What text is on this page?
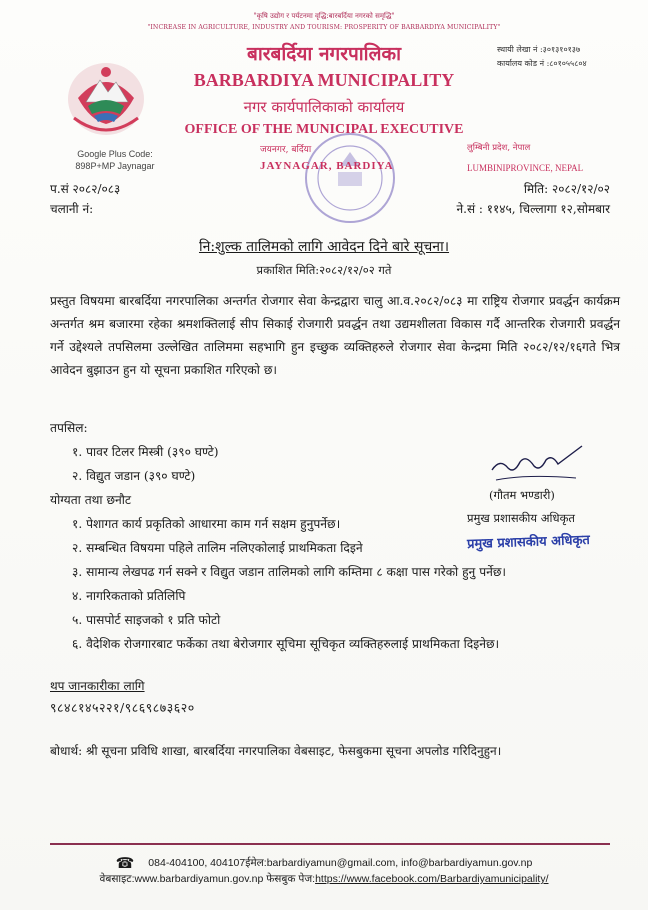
"कृषि उद्योग र पर्यटनमा वृद्धि:बारबर्दिया नगरको समृद्धि"
"INCREASE IN AGRICULTURE, INDUSTRY AND TOURISM: PROSPERITY OF BARBARDIYA MUNICIPALITY"
बारबर्दिया नगरपालिका
BARBARDIYA MUNICIPALITY
नगर कार्यपालिकाको कार्यालय
OFFICE OF THE MUNICIPAL EXECUTIVE
जयनगर, बर्दिया
JAYNAGAR, BARDIYA
स्थायी लेखा नं :३०१३१०१३७
कार्यालय कोड नं :८०१०५५८०४
Google Plus Code:
898P+MP Jaynagar
लुम्बिनी प्रदेश, नेपाल
LUMBINIPROVINCE, NEPAL
प.सं २०८२/०८३
चलानी नं:
मिति: २०८२/१२/०२
ने.सं : ११४५, चिल्लागा १२,सोमबार
नि:शुल्क तालिमको लागि आवेदन दिने बारे सूचना।
प्रकाशित मिति:२०८२/१२/०२ गते
प्रस्तुत विषयमा बारबर्दिया नगरपालिका अन्तर्गत रोजगार सेवा केन्द्रद्वारा चालु आ.व.२०८२/०८३ मा राष्ट्रिय रोजगार प्रवर्द्धन कार्यक्रम अन्तर्गत श्रम बजारमा रहेका श्रमशक्तिलाई सीप सिकाई रोजगारी प्रवर्द्धन तथा उद्यमशीलता विकास गर्दै आन्तरिक रोजगारी प्रवर्द्धन गर्ने उद्देश्यले तपसिलमा उल्लेखित तालिममा सहभागि हुन इच्छुक व्यक्तिहरुले रोजगार सेवा केन्द्रमा मिति २०८२/१२/१६गते भित्र आवेदन बुझाउन हुन यो सूचना प्रकाशित गरिएको छ।
तपसिल:
१. पावर टिलर मिस्त्री (३९० घण्टे)
२. विद्युत जडान (३९० घण्टे)
योग्यता तथा छनौट
१. पेशागत कार्य प्रकृतिको आधारमा काम गर्न सक्षम हुनुपर्नेछ।
२. सम्बन्धित विषयमा पहिले तालिम नलिएकोलाई प्राथमिकता दिइने
३. सामान्य लेखपढ गर्न सक्ने र विद्युत जडान तालिमको लागि कम्तिमा ८ कक्षा पास गरेको हुनु पर्नेछ।
४. नागरिकताको प्रतिलिपि
५. पासपोर्ट साइजको १ प्रति फोटो
६. वैदेशिक रोजगारबाट फर्केका तथा बेरोजगार सूचिमा सूचिकृत व्यक्तिहरुलाई प्राथमिकता दिइनेछ।
(गौतम भण्डारी)
प्रमुख प्रशासकीय अधिकृत
प्रमुख प्रशासकीय अधिकृत
थप जानकारीका लागि
९८४८१४५२२१/९८६९८७३६२०
बोधार्थ: श्री सूचना प्रविधि शाखा, बारबर्दिया नगरपालिका वेबसाइट, फेसबुकमा सूचना अपलोड गरिदिनुहुन।
☎ 084-404100, 404107ईमेल:barbardiyamun@gmail.com, info@barbardiyamun.gov.np
वेबसाइट:www.barbardiyamun.gov.np फेसबुक पेज:https://www.facebook.com/Barbardiyamunicipality/
